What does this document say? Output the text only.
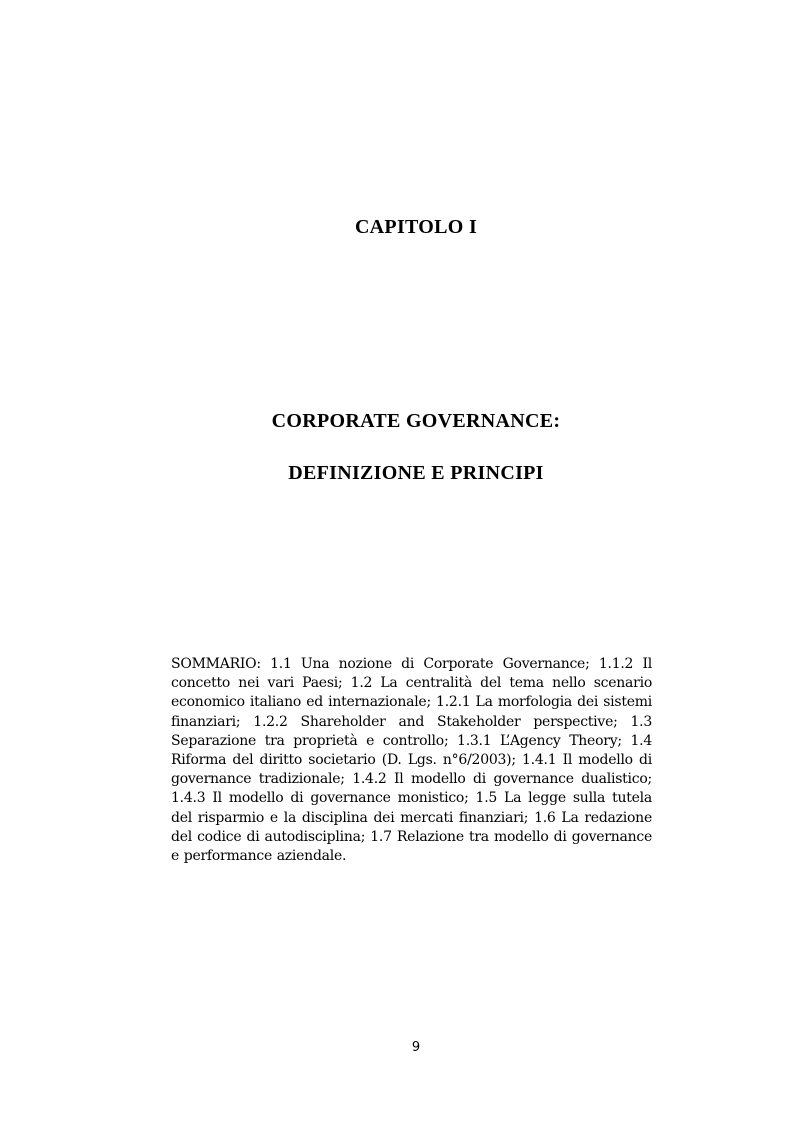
CAPITOLO I
CORPORATE GOVERNANCE:
DEFINIZIONE E PRINCIPI

SOMMARIO: 1.1 Una nozione di Corporate Governance; 1.1.2 Il concetto nei vari Paesi; 1.2 La centralità del tema nello scenario economico italiano ed internazionale; 1.2.1 La morfologia dei sistemi finanziari; 1.2.2 Shareholder and Stakeholder perspective; 1.3 Separazione tra proprietà e controllo; 1.3.1 L’Agency Theory; 1.4 Riforma del diritto societario (D. Lgs. n°6/2003); 1.4.1 Il modello di governance tradizionale; 1.4.2 Il modello di governance dualistico; 1.4.3 Il modello di governance monistico; 1.5 La legge sulla tutela del risparmio e la disciplina dei mercati finanziari; 1.6 La redazione del codice di autodisciplina; 1.7 Relazione tra modello di governance e performance aziendale.

9
